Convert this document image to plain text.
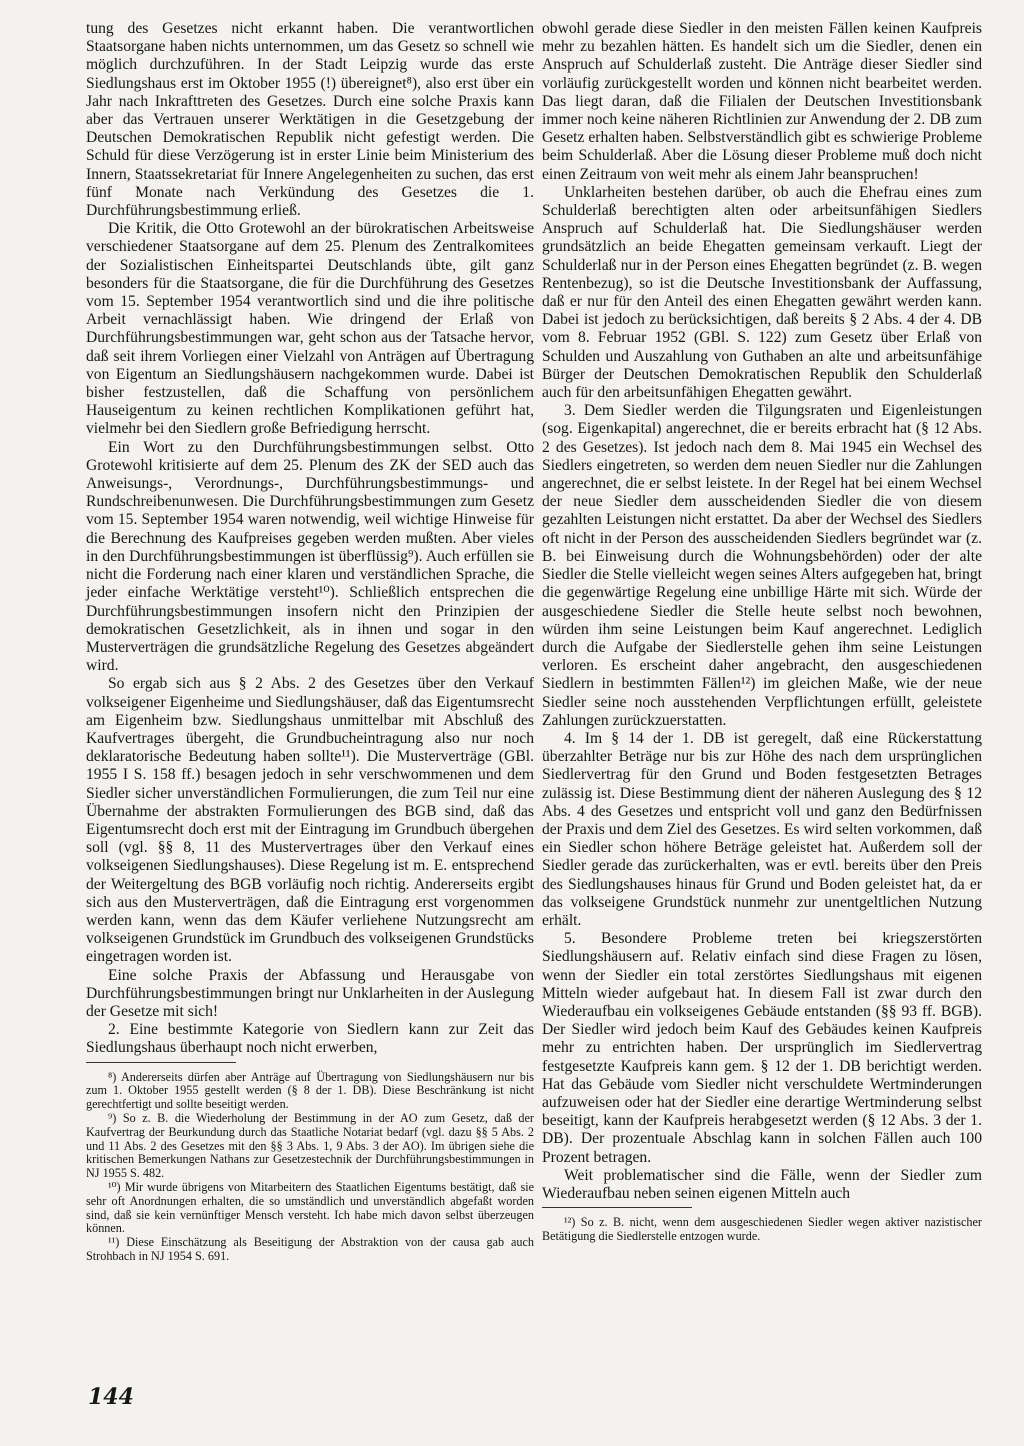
tung des Gesetzes nicht erkannt haben. Die verantwortlichen Staatsorgane haben nichts unternommen, um das Gesetz so schnell wie möglich durchzuführen. In der Stadt Leipzig wurde das erste Siedlungshaus erst im Oktober 1955 (!) übereignet⁸), also erst über ein Jahr nach Inkrafttreten des Gesetzes. Durch eine solche Praxis kann aber das Vertrauen unserer Werktätigen in die Gesetzgebung der Deutschen Demokratischen Republik nicht gefestigt werden. Die Schuld für diese Verzögerung ist in erster Linie beim Ministerium des Innern, Staatssekretariat für Innere Angelegenheiten zu suchen, das erst fünf Monate nach Verkündung des Gesetzes die 1. Durchführungsbestimmung erließ.

Die Kritik, die Otto Grotewohl an der bürokratischen Arbeitsweise verschiedener Staatsorgane auf dem 25. Plenum des Zentralkomitees der Sozialistischen Einheitspartei Deutschlands übte, gilt ganz besonders für die Staatsorgane, die für die Durchführung des Gesetzes vom 15. September 1954 verantwortlich sind und die ihre politische Arbeit vernachlässigt haben. Wie dringend der Erlaß von Durchführungsbestimmungen war, geht schon aus der Tatsache hervor, daß seit ihrem Vorliegen einer Vielzahl von Anträgen auf Übertragung von Eigentum an Siedlungshäusern nachgekommen wurde. Dabei ist bisher festzustellen, daß die Schaffung von persönlichem Hauseigentum zu keinen rechtlichen Komplikationen geführt hat, vielmehr bei den Siedlern große Befriedigung herrscht.

Ein Wort zu den Durchführungsbestimmungen selbst. Otto Grotewohl kritisierte auf dem 25. Plenum des ZK der SED auch das Anweisungs-, Verordnungs-, Durchführungsbestimmungs- und Rundschreibenunwesen. Die Durchführungsbestimmungen zum Gesetz vom 15. September 1954 waren notwendig, weil wichtige Hinweise für die Berechnung des Kaufpreises gegeben werden mußten. Aber vieles in den Durchführungsbestimmungen ist überflüssig⁹). Auch erfüllen sie nicht die Forderung nach einer klaren und verständlichen Sprache, die jeder einfache Werktätige versteht¹⁰). Schließlich entsprechen die Durchführungsbestimmungen insofern nicht den Prinzipien der demokratischen Gesetzlichkeit, als in ihnen und sogar in den Musterverträgen die grundsätzliche Regelung des Gesetzes abgeändert wird.

So ergab sich aus § 2 Abs. 2 des Gesetzes über den Verkauf volkseigener Eigenheime und Siedlungshäuser, daß das Eigentumsrecht am Eigenheim bzw. Siedlungshaus unmittelbar mit Abschluß des Kaufvertrages übergeht, die Grundbucheintragung also nur noch deklaratorische Bedeutung haben sollte¹¹). Die Musterverträge (GBl. 1955 I S. 158 ff.) besagen jedoch in sehr verschwommenen und dem Siedler sicher unverständlichen Formulierungen, die zum Teil nur eine Übernahme der abstrakten Formulierungen des BGB sind, daß das Eigentumsrecht doch erst mit der Eintragung im Grundbuch übergehen soll (vgl. §§ 8, 11 des Mustervertrages über den Verkauf eines volkseigenen Siedlungshauses). Diese Regelung ist m. E. entsprechend der Weitergeltung des BGB vorläufig noch richtig. Andererseits ergibt sich aus den Musterverträgen, daß die Eintragung erst vorgenommen werden kann, wenn das dem Käufer verliehene Nutzungsrecht am volkseigenen Grundstück im Grundbuch des volkseigenen Grundstücks eingetragen worden ist.

Eine solche Praxis der Abfassung und Herausgabe von Durchführungsbestimmungen bringt nur Unklarheiten in der Auslegung der Gesetze mit sich!

2. Eine bestimmte Kategorie von Siedlern kann zur Zeit das Siedlungshaus überhaupt noch nicht erwerben,

⁸) Andererseits dürfen aber Anträge auf Übertragung von Siedlungshäusern nur bis zum 1. Oktober 1955 gestellt werden (§ 8 der 1. DB). Diese Beschränkung ist nicht gerechtfertigt und sollte beseitigt werden.

⁹) So z. B. die Wiederholung der Bestimmung in der AO zum Gesetz, daß der Kaufvertrag der Beurkundung durch das Staatliche Notariat bedarf (vgl. dazu §§ 5 Abs. 2 und 11 Abs. 2 des Gesetzes mit den §§ 3 Abs. 1, 9 Abs. 3 der AO). Im übrigen siehe die kritischen Bemerkungen Nathans zur Gesetzestechnik der Durchführungsbestimmungen in NJ 1955 S. 482.

¹⁰) Mir wurde übrigens von Mitarbeitern des Staatlichen Eigentums bestätigt, daß sie sehr oft Anordnungen erhalten, die so umständlich und unverständlich abgefaßt worden sind, daß sie kein vernünftiger Mensch versteht. Ich habe mich davon selbst überzeugen können.

¹¹) Diese Einschätzung als Beseitigung der Abstraktion von der causa gab auch Strohbach in NJ 1954 S. 691.

obwohl gerade diese Siedler in den meisten Fällen keinen Kaufpreis mehr zu bezahlen hätten. Es handelt sich um die Siedler, denen ein Anspruch auf Schulderlaß zusteht. Die Anträge dieser Siedler sind vorläufig zurückgestellt worden und können nicht bearbeitet werden. Das liegt daran, daß die Filialen der Deutschen Investitionsbank immer noch keine näheren Richtlinien zur Anwendung der 2. DB zum Gesetz erhalten haben. Selbstverständlich gibt es schwierige Probleme beim Schulderlaß. Aber die Lösung dieser Probleme muß doch nicht einen Zeitraum von weit mehr als einem Jahr beanspruchen!

Unklarheiten bestehen darüber, ob auch die Ehefrau eines zum Schulderlaß berechtigten alten oder arbeitsunfähigen Siedlers Anspruch auf Schulderlaß hat. Die Siedlungshäuser werden grundsätzlich an beide Ehegatten gemeinsam verkauft. Liegt der Schulderlaß nur in der Person eines Ehegatten begründet (z. B. wegen Rentenbezug), so ist die Deutsche Investitionsbank der Auffassung, daß er nur für den Anteil des einen Ehegatten gewährt werden kann. Dabei ist jedoch zu berücksichtigen, daß bereits § 2 Abs. 4 der 4. DB vom 8. Februar 1952 (GBl. S. 122) zum Gesetz über Erlaß von Schulden und Auszahlung von Guthaben an alte und arbeitsunfähige Bürger der Deutschen Demokratischen Republik den Schulderlaß auch für den arbeitsunfähigen Ehegatten gewährt.

3. Dem Siedler werden die Tilgungsraten und Eigenleistungen (sog. Eigenkapital) angerechnet, die er bereits erbracht hat (§ 12 Abs. 2 des Gesetzes). Ist jedoch nach dem 8. Mai 1945 ein Wechsel des Siedlers eingetreten, so werden dem neuen Siedler nur die Zahlungen angerechnet, die er selbst leistete. In der Regel hat bei einem Wechsel der neue Siedler dem ausscheidenden Siedler die von diesem gezahlten Leistungen nicht erstattet. Da aber der Wechsel des Siedlers oft nicht in der Person des ausscheidenden Siedlers begründet war (z. B. bei Einweisung durch die Wohnungsbehörden) oder der alte Siedler die Stelle vielleicht wegen seines Alters aufgegeben hat, bringt die gegenwärtige Regelung eine unbillige Härte mit sich. Würde der ausgeschiedene Siedler die Stelle heute selbst noch bewohnen, würden ihm seine Leistungen beim Kauf angerechnet. Lediglich durch die Aufgabe der Siedlerstelle gehen ihm seine Leistungen verloren. Es erscheint daher angebracht, den ausgeschiedenen Siedlern in bestimmten Fällen¹²) im gleichen Maße, wie der neue Siedler seine noch ausstehenden Verpflichtungen erfüllt, geleistete Zahlungen zurückzuerstatten.

4. Im § 14 der 1. DB ist geregelt, daß eine Rückerstattung überzahlter Beträge nur bis zur Höhe des nach dem ursprünglichen Siedlervertrag für den Grund und Boden festgesetzten Betrages zulässig ist. Diese Bestimmung dient der näheren Auslegung des § 12 Abs. 4 des Gesetzes und entspricht voll und ganz den Bedürfnissen der Praxis und dem Ziel des Gesetzes. Es wird selten vorkommen, daß ein Siedler schon höhere Beträge geleistet hat. Außerdem soll der Siedler gerade das zurückerhalten, was er evtl. bereits über den Preis des Siedlungshauses hinaus für Grund und Boden geleistet hat, da er das volkseigene Grundstück nunmehr zur unentgeltlichen Nutzung erhält.

5. Besondere Probleme treten bei kriegszerstörten Siedlungshäusern auf. Relativ einfach sind diese Fragen zu lösen, wenn der Siedler ein total zerstörtes Siedlungshaus mit eigenen Mitteln wieder aufgebaut hat. In diesem Fall ist zwar durch den Wiederaufbau ein volkseigenes Gebäude entstanden (§§ 93 ff. BGB). Der Siedler wird jedoch beim Kauf des Gebäudes keinen Kaufpreis mehr zu entrichten haben. Der ursprünglich im Siedlervertrag festgesetzte Kaufpreis kann gem. § 12 der 1. DB berichtigt werden. Hat das Gebäude vom Siedler nicht verschuldete Wertminderungen aufzuweisen oder hat der Siedler eine derartige Wertminderung selbst beseitigt, kann der Kaufpreis herabgesetzt werden (§ 12 Abs. 3 der 1. DB). Der prozentuale Abschlag kann in solchen Fällen auch 100 Prozent betragen.

Weit problematischer sind die Fälle, wenn der Siedler zum Wiederaufbau neben seinen eigenen Mitteln auch

¹²) So z. B. nicht, wenn dem ausgeschiedenen Siedler wegen aktiver nazistischer Betätigung die Siedlerstelle entzogen wurde.

144
